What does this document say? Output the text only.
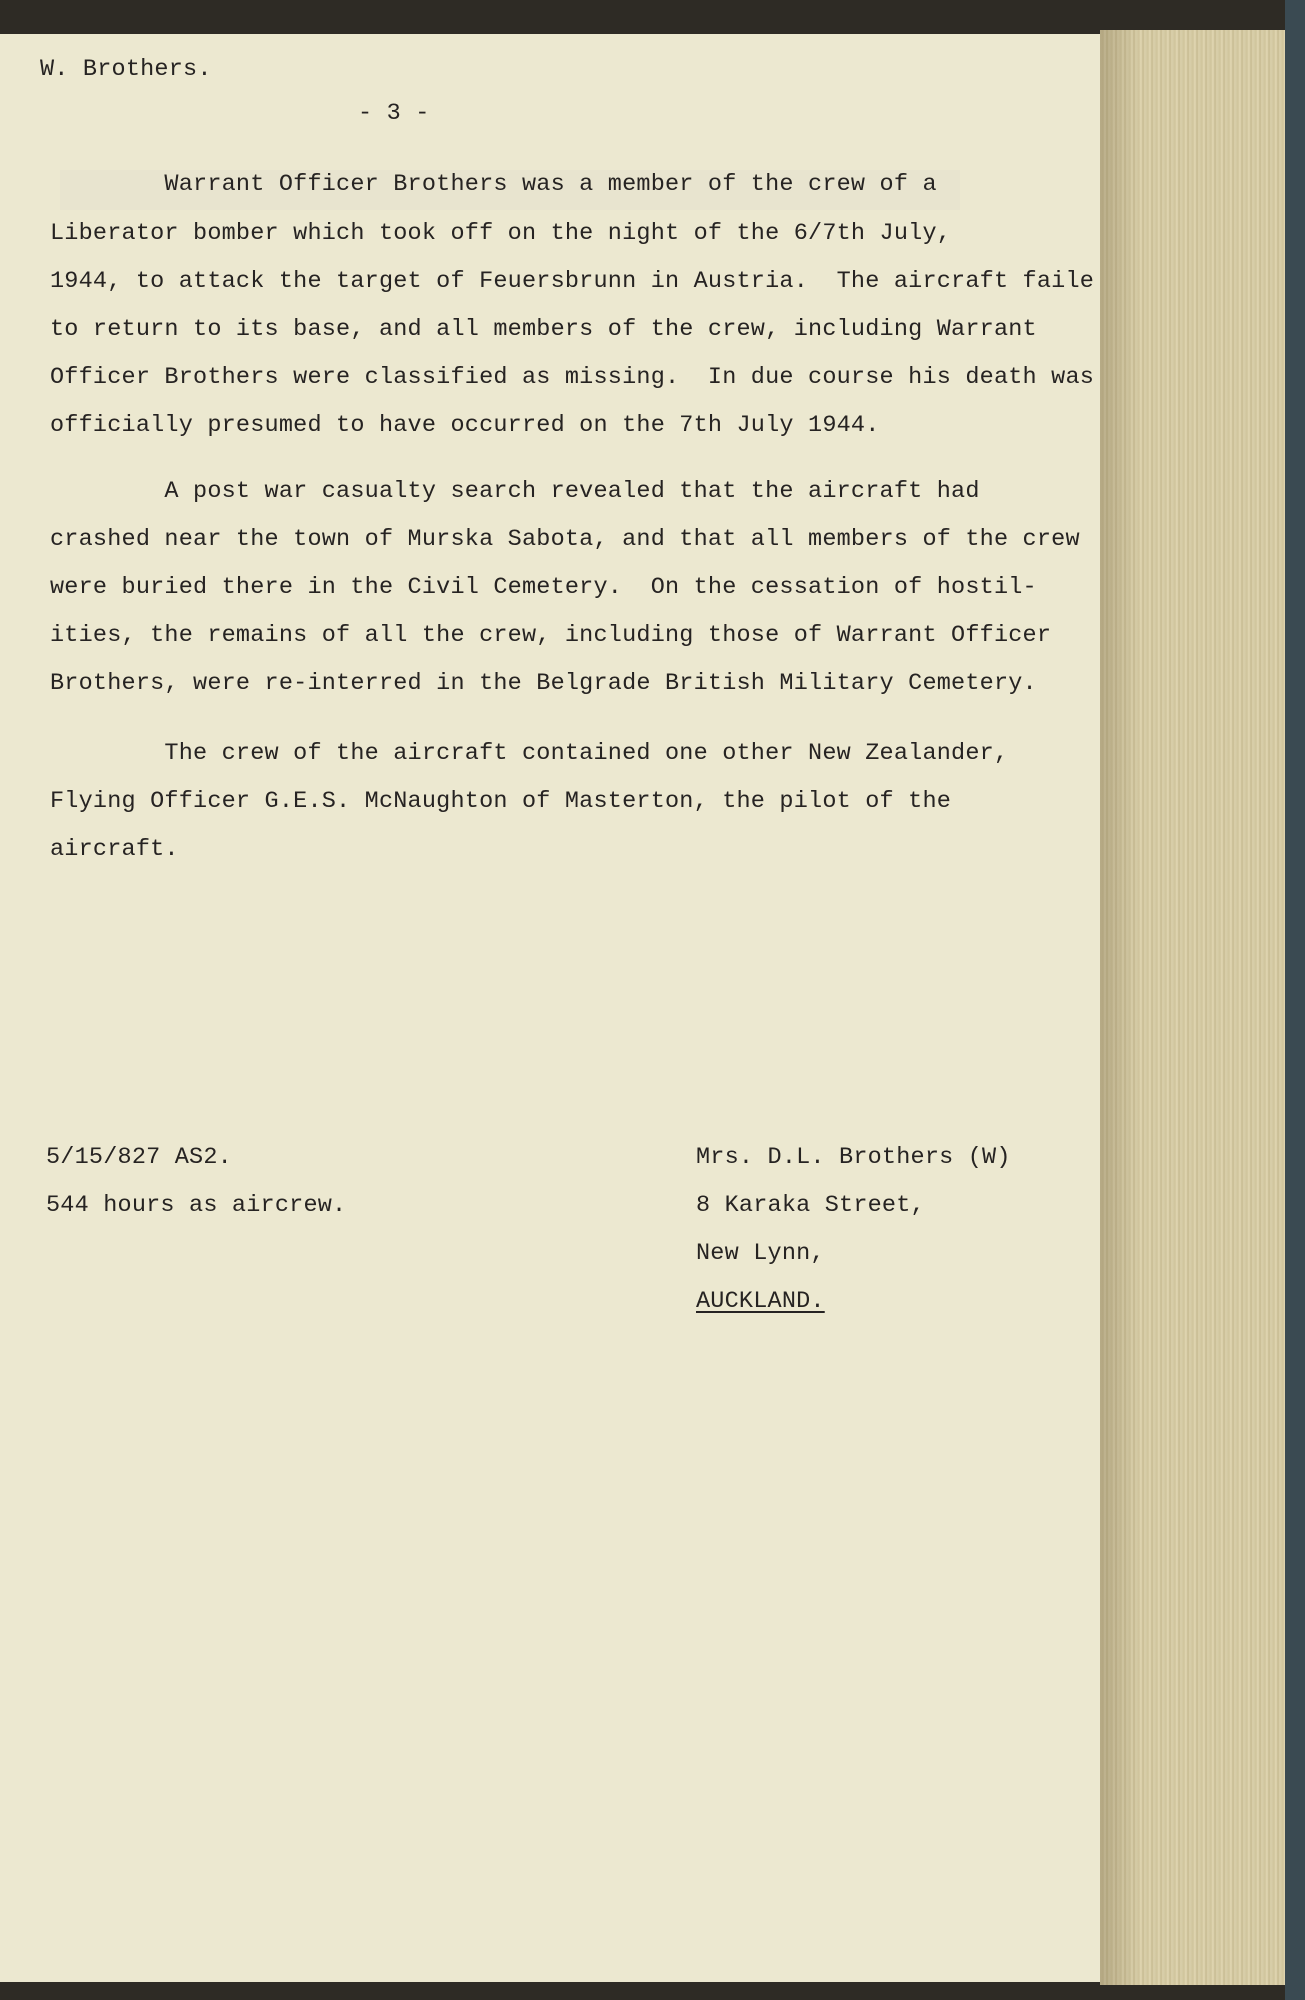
W. Brothers.
- 3 -
Warrant Officer Brothers was a member of the crew of a
Liberator bomber which took off on the night of the 6/7th July,
1944, to attack the target of Feuersbrunn in Austria.  The aircraft faile
to return to its base, and all members of the crew, including Warrant
Officer Brothers were classified as missing.  In due course his death was
officially presumed to have occurred on the 7th July 1944.
A post war casualty search revealed that the aircraft had
crashed near the town of Murska Sabota, and that all members of the crew
were buried there in the Civil Cemetery.  On the cessation of hostil-
ities, the remains of all the crew, including those of Warrant Officer
Brothers, were re-interred in the Belgrade British Military Cemetery.
The crew of the aircraft contained one other New Zealander,
Flying Officer G.E.S. McNaughton of Masterton, the pilot of the
aircraft.
5/15/827 AS2.
544 hours as aircrew.
Mrs. D.L. Brothers (W)
8 Karaka Street,
New Lynn,
AUCKLAND.
